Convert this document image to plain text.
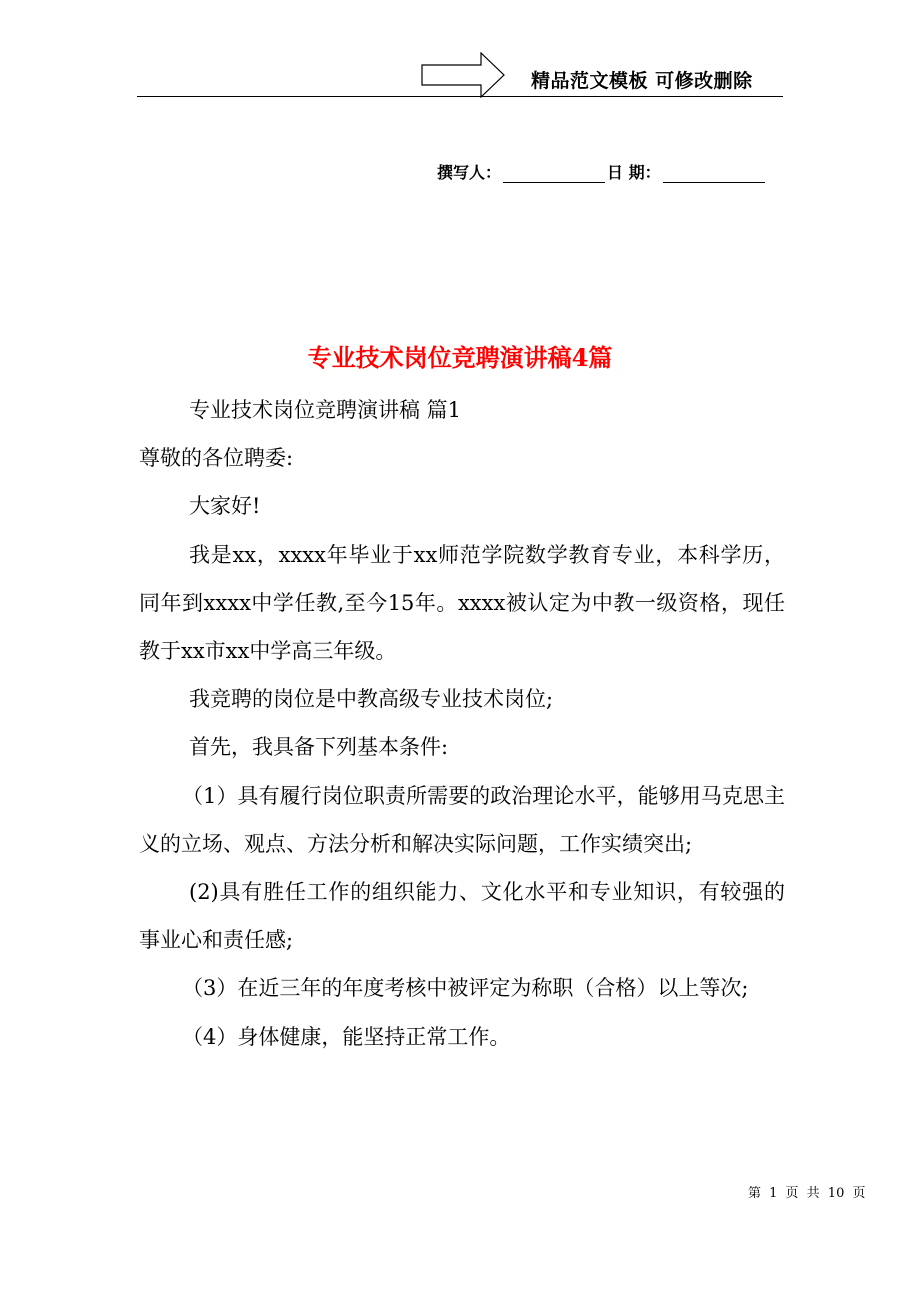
精品范文模板 可修改删除
撰写人：	日 期：
专业技术岗位竞聘演讲稿4篇

专业技术岗位竞聘演讲稿 篇1

尊敬的各位聘委:

大家好!

我是xx，xxxx年毕业于xx师范学院数学教育专业，本科学历，同年到xxxx中学任教,至今15年。xxxx被认定为中教一级资格，现任教于xx市xx中学高三年级。

我竞聘的岗位是中教高级专业技术岗位;

首先，我具备下列基本条件:

（1）具有履行岗位职责所需要的政治理论水平，能够用马克思主义的立场、观点、方法分析和解决实际问题，工作实绩突出;

(2)具有胜任工作的组织能力、文化水平和专业知识，有较强的事业心和责任感;

（3）在近三年的年度考核中被评定为称职（合格）以上等次;

（4）身体健康，能坚持正常工作。

第 1 页 共 10 页
